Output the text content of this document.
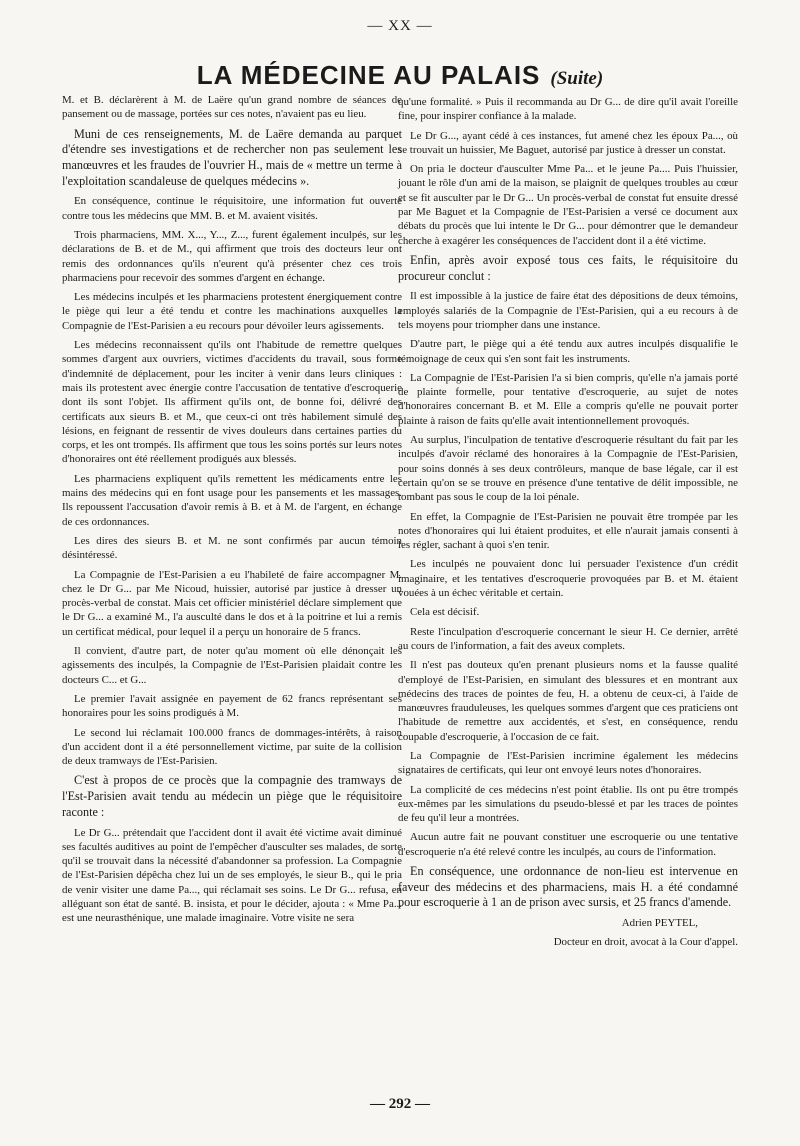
— XX —
LA MÉDECINE AU PALAIS (Suite)

M. et B. déclarèrent à M. de Laëre qu'un grand nombre de séances de pansement ou de massage, portées sur ces notes, n'avaient pas eu lieu.

Muni de ces renseignements, M. de Laëre demanda au parquet d'étendre ses investigations et de rechercher non pas seulement les manœuvres et les fraudes de l'ouvrier H., mais de « mettre un terme à l'exploitation scandaleuse de quelques médecins ».

En conséquence, continue le réquisitoire, une information fut ouverte contre tous les médecins que MM. B. et M. avaient visités.

Trois pharmaciens, MM. X..., Y..., Z..., furent également inculpés, sur les déclarations de B. et de M., qui affirment que trois des docteurs leur ont remis des ordonnances qu'ils n'eurent qu'à présenter chez ces trois pharmaciens pour recevoir des sommes d'argent en échange.

Les médecins inculpés et les pharmaciens protestent énergiquement contre le piège qui leur a été tendu et contre les machinations auxquelles la Compagnie de l'Est-Parisien a eu recours pour dévoiler leurs agissements.

Les médecins reconnaissent qu'ils ont l'habitude de remettre quelques sommes d'argent aux ouvriers, victimes d'accidents du travail, sous forme d'indemnité de déplacement, pour les inciter à venir dans leurs cliniques : mais ils protestent avec énergie contre l'accusation de tentative d'escroquerie dont ils sont l'objet. Ils affirment qu'ils ont, de bonne foi, délivré des certificats aux sieurs B. et M., que ceux-ci ont très habilement simulé des lésions, en feignant de ressentir de vives douleurs dans certaines parties du corps, et les ont trompés. Ils affirment que tous les soins portés sur leurs notes d'honoraires ont été réellement prodigués aux blessés.

Les pharmaciens expliquent qu'ils remettent les médicaments entre les mains des médecins qui en font usage pour les pansements et les massages. Ils repoussent l'accusation d'avoir remis à B. et à M. de l'argent, en échange de ces ordonnances.

Les dires des sieurs B. et M. ne sont confirmés par aucun témoin désintéressé.

La Compagnie de l'Est-Parisien a eu l'habileté de faire accompagner M. chez le Dr G... par Me Nicoud, huissier, autorisé par justice à dresser un procès-verbal de constat. Mais cet officier ministériel déclare simplement que le Dr G... a examiné M., l'a ausculté dans le dos et à la poitrine et lui a remis un certificat médical, pour lequel il a perçu un honoraire de 5 francs.

Il convient, d'autre part, de noter qu'au moment où elle dénonçait les agissements des inculpés, la Compagnie de l'Est-Parisien plaidait contre les docteurs C... et G...

Le premier l'avait assignée en payement de 62 francs représentant ses honoraires pour les soins prodigués à M.

Le second lui réclamait 100.000 francs de dommages-intérêts, à raison d'un accident dont il a été personnellement victime, par suite de la collision de deux tramways de l'Est-Parisien.

C'est à propos de ce procès que la compagnie des tramways de l'Est-Parisien avait tendu au médecin un piège que le réquisitoire raconte :

Le Dr G... prétendait que l'accident dont il avait été victime avait diminué ses facultés auditives au point de l'empêcher d'ausculter ses malades, de sorte qu'il se trouvait dans la nécessité d'abandonner sa profession. La Compagnie de l'Est-Parisien dépêcha chez lui un de ses employés, le sieur B., qui le pria de venir visiter une dame Pa..., qui réclamait ses soins. Le Dr G... refusa, en alléguant son état de santé. B. insista, et pour le décider, ajouta : « Mme Pa... est une neurasthénique, une malade imaginaire. Votre visite ne sera

qu'une formalité. » Puis il recommanda au Dr G... de dire qu'il avait l'oreille fine, pour inspirer confiance à la malade.

Le Dr G..., ayant cédé à ces instances, fut amené chez les époux Pa..., où se trouvait un huissier, Me Baguet, autorisé par justice à dresser un constat.

On pria le docteur d'ausculter Mme Pa... et le jeune Pa.... Puis l'huissier, jouant le rôle d'un ami de la maison, se plaignit de quelques troubles au cœur et se fit ausculter par le Dr G... Un procès-verbal de constat fut ensuite dressé par Me Baguet et la Compagnie de l'Est-Parisien a versé ce document aux débats du procès que lui intente le Dr G... pour démontrer que le demandeur cherche à exagérer les conséquences de l'accident dont il a été victime.

Enfin, après avoir exposé tous ces faits, le réquisitoire du procureur conclut :

Il est impossible à la justice de faire état des dépositions de deux témoins, employés salariés de la Compagnie de l'Est-Parisien, qui a eu recours à de tels moyens pour triompher dans une instance.

D'autre part, le piège qui a été tendu aux autres inculpés disqualifie le témoignage de ceux qui s'en sont fait les instruments.

La Compagnie de l'Est-Parisien l'a si bien compris, qu'elle n'a jamais porté de plainte formelle, pour tentative d'escroquerie, au sujet de notes d'honoraires concernant B. et M. Elle a compris qu'elle ne pouvait porter plainte à raison de faits qu'elle avait intentionnellement provoqués.

Au surplus, l'inculpation de tentative d'escroquerie résultant du fait par les inculpés d'avoir réclamé des honoraires à la Compagnie de l'Est-Parisien, pour soins donnés à ses deux contrôleurs, manque de base légale, car il est certain qu'on se se trouve en présence d'une tentative de délit impossible, ne tombant pas sous le coup de la loi pénale.

En effet, la Compagnie de l'Est-Parisien ne pouvait être trompée par les notes d'honoraires qui lui étaient produites, et elle n'aurait jamais consenti à les régler, sachant à quoi s'en tenir.

Les inculpés ne pouvaient donc lui persuader l'existence d'un crédit imaginaire, et les tentatives d'escroquerie provoquées par B. et M. étaient vouées à un échec véritable et certain.

Cela est décisif.

Reste l'inculpation d'escroquerie concernant le sieur H. Ce dernier, arrêté au cours de l'information, a fait des aveux complets.

Il n'est pas douteux qu'en prenant plusieurs noms et la fausse qualité d'employé de l'Est-Parisien, en simulant des blessures et en montrant aux médecins des traces de pointes de feu, H. a obtenu de ceux-ci, à l'aide de manœuvres frauduleuses, les quelques sommes d'argent que ces praticiens ont l'habitude de remettre aux accidentés, et s'est, en conséquence, rendu coupable d'escroquerie, à l'occasion de ce fait.

La Compagnie de l'Est-Parisien incrimine également les médecins signataires de certificats, qui leur ont envoyé leurs notes d'honoraires.

La complicité de ces médecins n'est point établie. Ils ont pu être trompés eux-mêmes par les simulations du pseudo-blessé et par les traces de pointes de feu qu'il leur a montrées.

Aucun autre fait ne pouvant constituer une escroquerie ou une tentative d'escroquerie n'a été relevé contre les inculpés, au cours de l'information.

En conséquence, une ordonnance de non-lieu est intervenue en faveur des médecins et des pharmaciens, mais H. a été condamné pour escroquerie à 1 an de prison avec sursis, et 25 francs d'amende.

Adrien PEYTEL,

Docteur en droit, avocat à la Cour d'appel.

— 292 —
